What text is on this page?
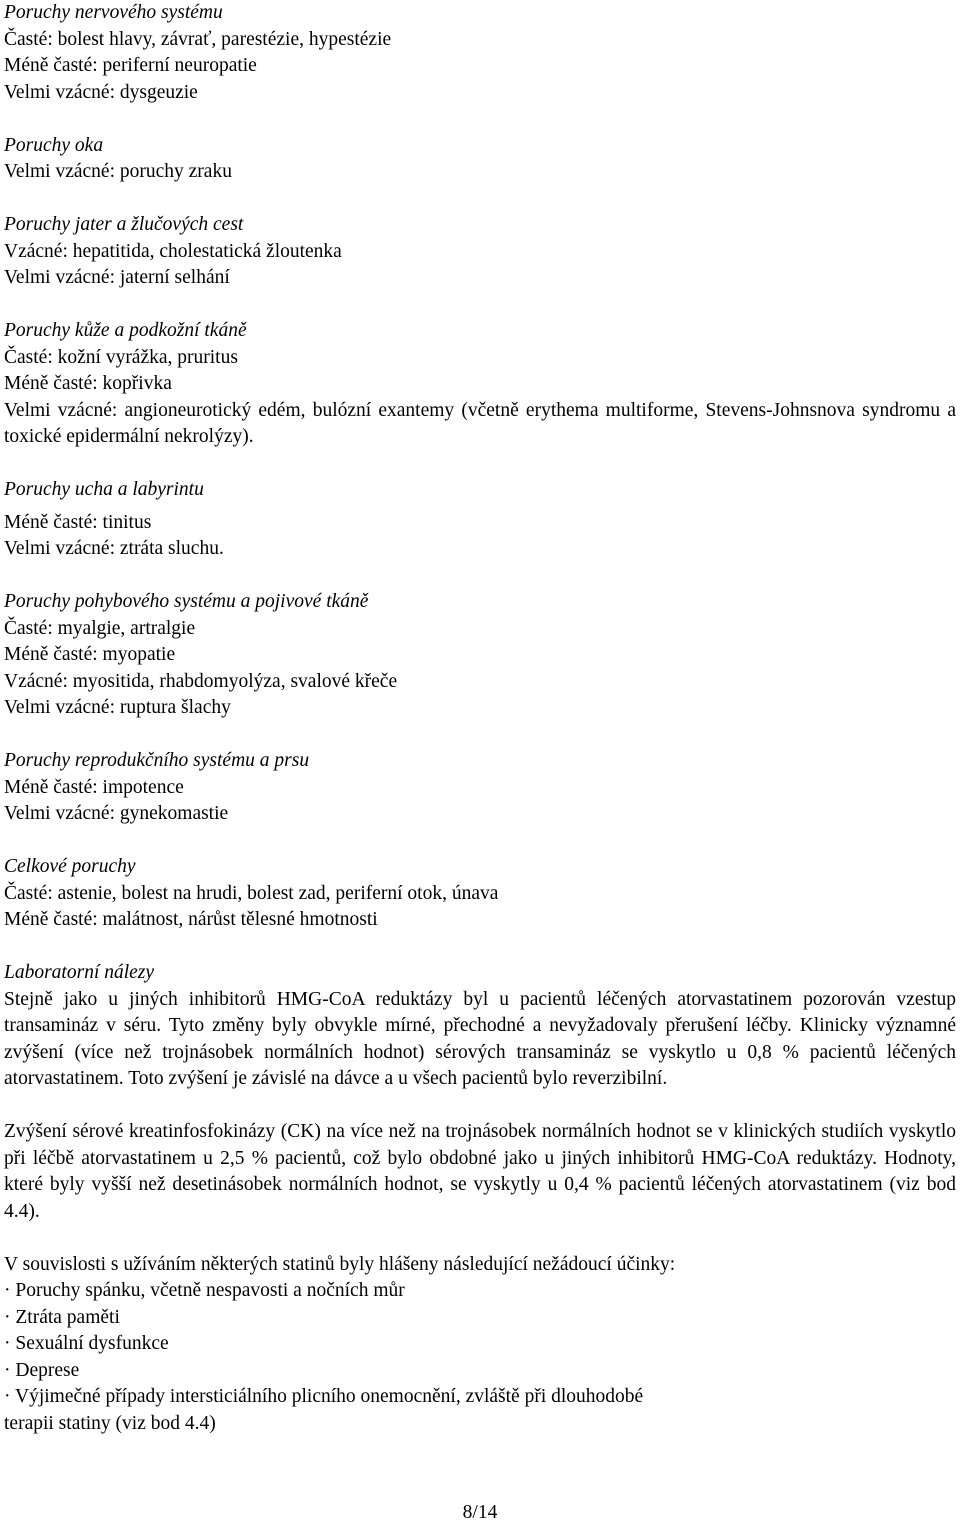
Poruchy nervového systému
Časté: bolest hlavy, závrať, parestézie, hypestézie
Méně časté: periferní neuropatie
Velmi vzácné: dysgeuzie
Poruchy oka
Velmi vzácné: poruchy zraku
Poruchy jater a žlučových cest
Vzácné: hepatitida, cholestatická žloutenka
Velmi vzácné: jaterní selhání
Poruchy kůže a podkožní tkáně
Časté: kožní vyrážka, pruritus
Méně časté: kopřivka
Velmi vzácné: angioneurotický edém, bulózní exantemy (včetně erythema multiforme, Stevens-Johnsnova syndromu a toxické epidermální nekrolýzy).
Poruchy ucha a labyrintu
Méně časté: tinitus
Velmi vzácné: ztráta sluchu.
Poruchy pohybového systému a pojivové tkáně
Časté: myalgie, artralgie
Méně časté: myopatie
Vzácné: myositida, rhabdomyolýza, svalové křeče
Velmi vzácné: ruptura šlachy
Poruchy reprodukčního systému a prsu
Méně časté: impotence
Velmi vzácné: gynekomastie
Celkové poruchy
Časté: astenie, bolest na hrudi, bolest zad, periferní otok, únava
Méně časté: malátnost, nárůst tělesné hmotnosti
Laboratorní nálezy
Stejně jako u jiných inhibitorů HMG-CoA reduktázy byl u pacientů léčených atorvastatinem pozorován vzestup transamináz v séru. Tyto změny byly obvykle mírné, přechodné a nevyžadovaly přerušení léčby. Klinicky významné zvýšení (více než trojnásobek normálních hodnot) sérových transamináz se vyskytlo u 0,8 % pacientů léčených atorvastatinem. Toto zvýšení je závislé na dávce a u všech pacientů bylo reverzibilní.
Zvýšení sérové kreatinfosfokinázy (CK) na více než na trojnásobek normálních hodnot se v klinických studiích vyskytlo při léčbě atorvastatinem u 2,5 % pacientů, což bylo obdobné jako u jiných inhibitorů HMG-CoA reduktázy. Hodnoty, které byly vyšší než desetinásobek normálních hodnot, se vyskytly u 0,4 % pacientů léčených atorvastatinem (viz bod 4.4).
V souvislosti s užíváním některých statinů byly hlášeny následující nežádoucí účinky:
· Poruchy spánku, včetně nespavosti a nočních můr
· Ztráta paměti
· Sexuální dysfunkce
· Deprese
· Výjimečné případy intersticiálního plicního onemocnění, zvláště při dlouhodobé
terapii statiny (viz bod 4.4)
8/14
